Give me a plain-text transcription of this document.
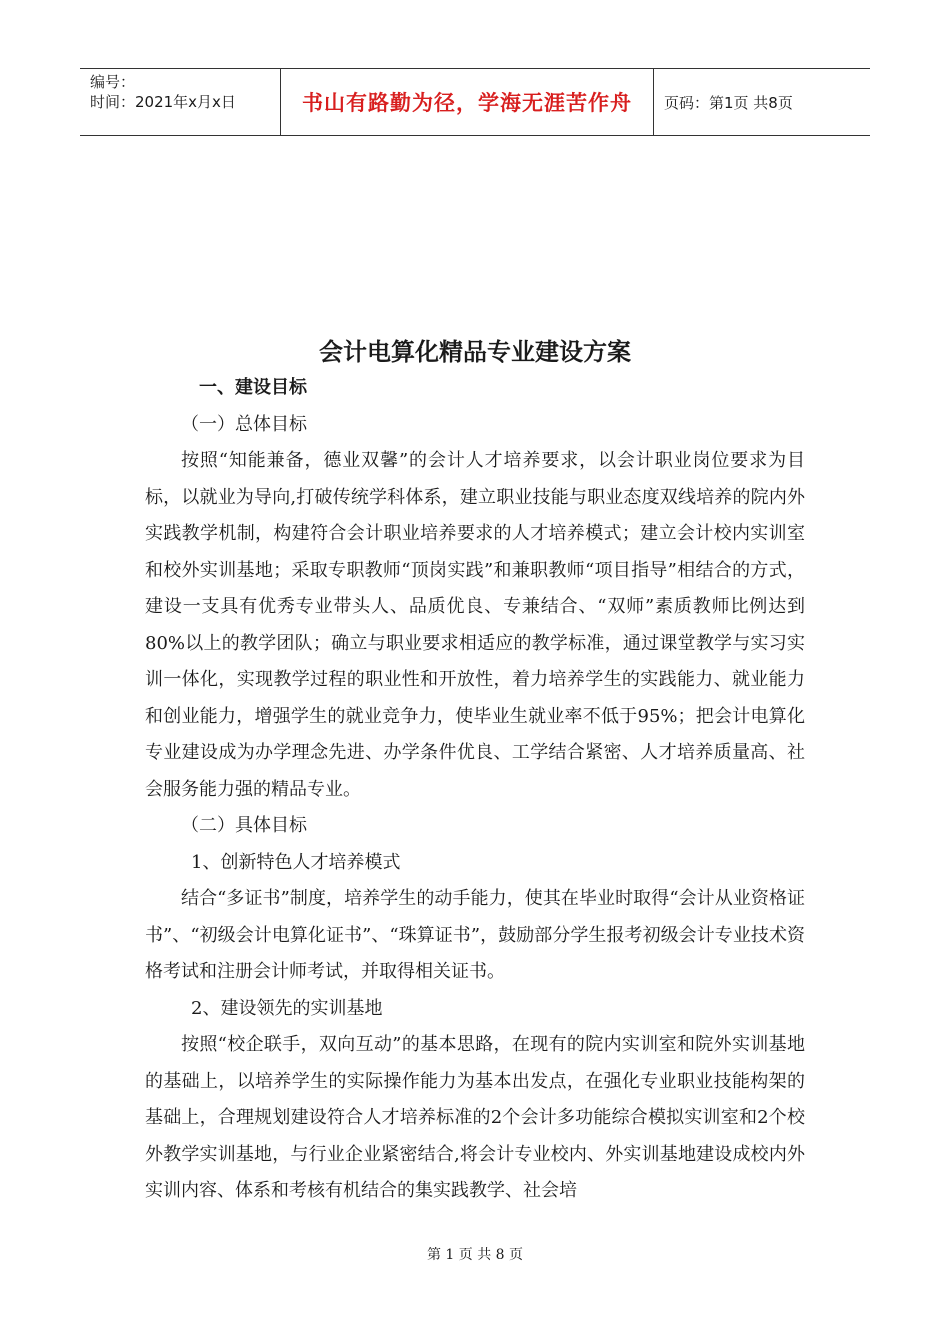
编号：
时间：2021年x月x日	书山有路勤为径，学海无涯苦作舟	页码：第1页 共8页
会计电算化精品专业建设方案

一、建设目标

（一）总体目标

按照“知能兼备，德业双馨”的会计人才培养要求，以会计职业岗位要求为目标，以就业为导向,打破传统学科体系，建立职业技能与职业态度双线培养的院内外实践教学机制，构建符合会计职业培养要求的人才培养模式；建立会计校内实训室和校外实训基地；采取专职教师“顶岗实践”和兼职教师“项目指导”相结合的方式，建设一支具有优秀专业带头人、品质优良、专兼结合、“双师”素质教师比例达到80%以上的教学团队；确立与职业要求相适应的教学标准，通过课堂教学与实习实训一体化，实现教学过程的职业性和开放性，着力培养学生的实践能力、就业能力和创业能力，增强学生的就业竞争力，使毕业生就业率不低于95%；把会计电算化专业建设成为办学理念先进、办学条件优良、工学结合紧密、人才培养质量高、社会服务能力强的精品专业。

（二）具体目标

1、创新特色人才培养模式

结合“多证书”制度，培养学生的动手能力，使其在毕业时取得“会计从业资格证书”、“初级会计电算化证书”、“珠算证书”，鼓励部分学生报考初级会计专业技术资格考试和注册会计师考试，并取得相关证书。

2、建设领先的实训基地

按照“校企联手，双向互动”的基本思路，在现有的院内实训室和院外实训基地的基础上，以培养学生的实际操作能力为基本出发点，在强化专业职业技能构架的基础上，合理规划建设符合人才培养标准的2个会计多功能综合模拟实训室和2个校外教学实训基地，与行业企业紧密结合,将会计专业校内、外实训基地建设成校内外实训内容、体系和考核有机结合的集实践教学、社会培

第 1 页 共 8 页
